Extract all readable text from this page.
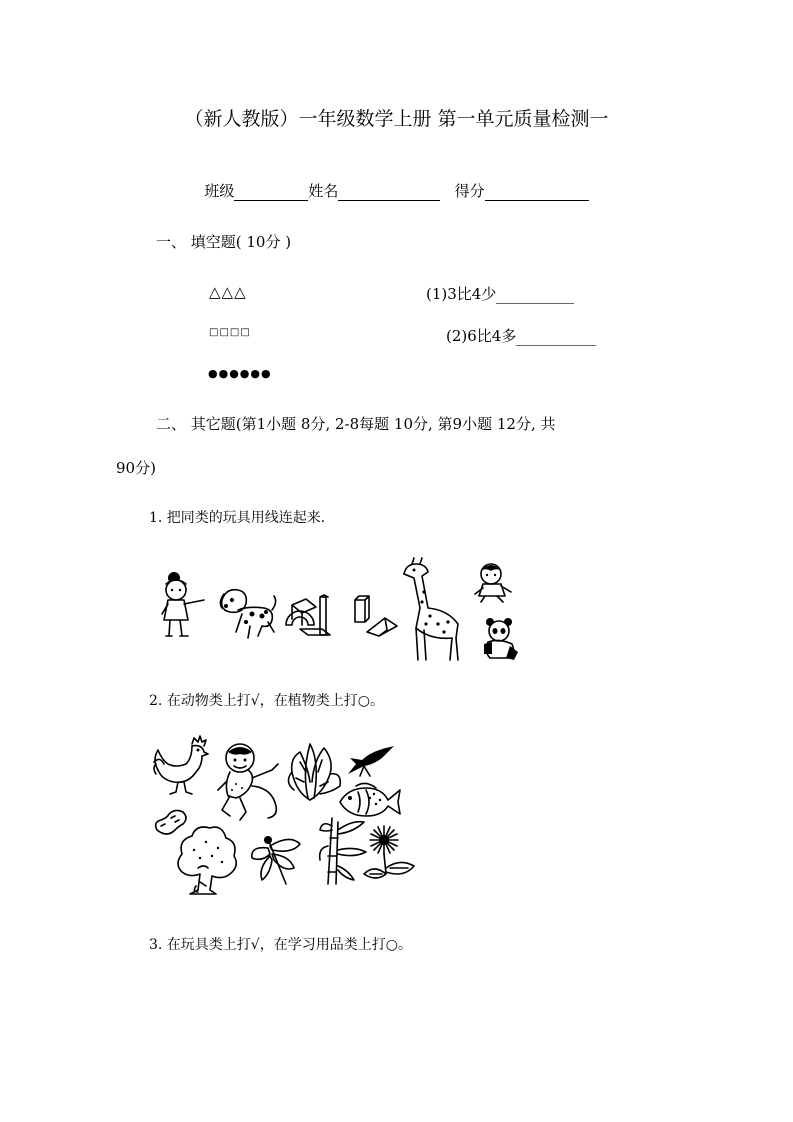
（新人教版）一年级数学上册 第一单元质量检测一
班级	姓名	得分
一、 填空题( 10分 )
△△△
□□□□
●●●●●●
(1)3比4少
(2)6比4多
二、 其它题(第1小题 8分, 2-8每题 10分, 第9小题 12分, 共
90分)
1. 把同类的玩具用线连起来.
2. 在动物类上打√，在植物类上打○。
3. 在玩具类上打√，在学习用品类上打○。
